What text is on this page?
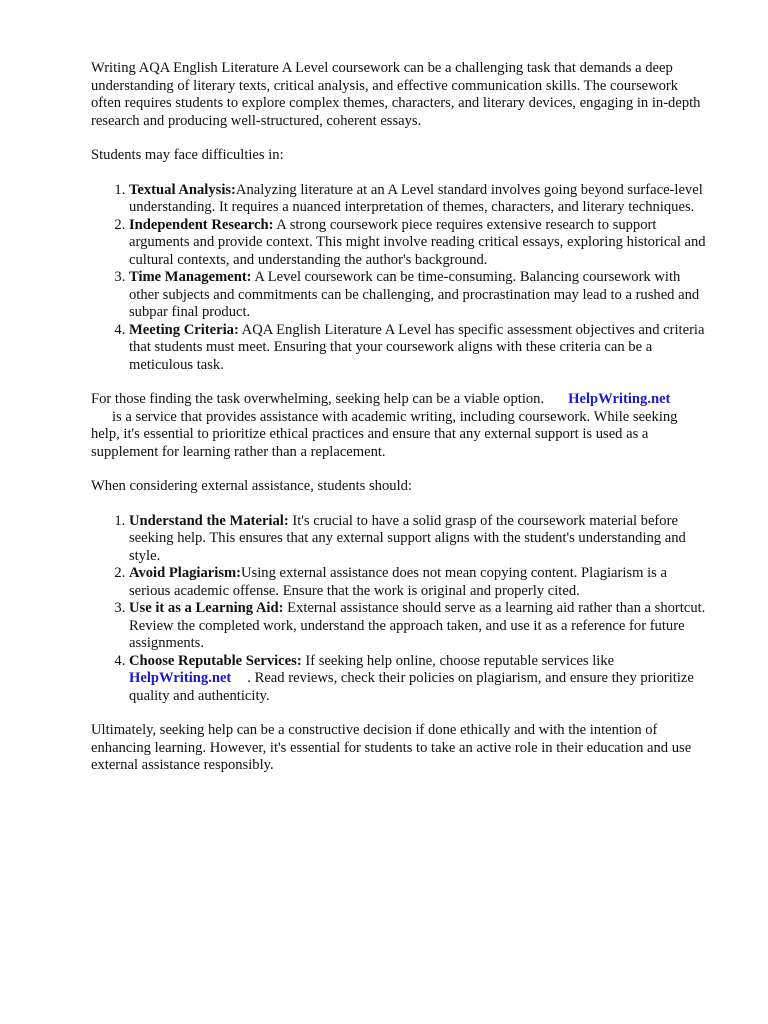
Writing AQA English Literature A Level coursework can be a challenging task that demands a deep understanding of literary texts, critical analysis, and effective communication skills. The coursework often requires students to explore complex themes, characters, and literary devices, engaging in in-depth research and producing well-structured, coherent essays.

Students may face difficulties in:

1. Textual Analysis:Analyzing literature at an A Level standard involves going beyond surface-level understanding. It requires a nuanced interpretation of themes, characters, and literary techniques.
2. Independent Research: A strong coursework piece requires extensive research to support arguments and provide context. This might involve reading critical essays, exploring historical and cultural contexts, and understanding the author's background.
3. Time Management: A Level coursework can be time-consuming. Balancing coursework with other subjects and commitments can be challenging, and procrastination may lead to a rushed and subpar final product.
4. Meeting Criteria: AQA English Literature A Level has specific assessment objectives and criteria that students must meet. Ensuring that your coursework aligns with these criteria can be a meticulous task.

For those finding the task overwhelming, seeking help can be a viable option. HelpWriting.net
is a service that provides assistance with academic writing, including coursework. While seeking help, it's essential to prioritize ethical practices and ensure that any external support is used as a supplement for learning rather than a replacement.

When considering external assistance, students should:

1. Understand the Material: It's crucial to have a solid grasp of the coursework material before seeking help. This ensures that any external support aligns with the student's understanding and style.
2. Avoid Plagiarism:Using external assistance does not mean copying content. Plagiarism is a serious academic offense. Ensure that the work is original and properly cited.
3. Use it as a Learning Aid: External assistance should serve as a learning aid rather than a shortcut. Review the completed work, understand the approach taken, and use it as a reference for future assignments.
4. Choose Reputable Services: If seeking help online, choose reputable services like
HelpWriting.net . Read reviews, check their policies on plagiarism, and ensure they prioritize quality and authenticity.

Ultimately, seeking help can be a constructive decision if done ethically and with the intention of enhancing learning. However, it's essential for students to take an active role in their education and use external assistance responsibly.
